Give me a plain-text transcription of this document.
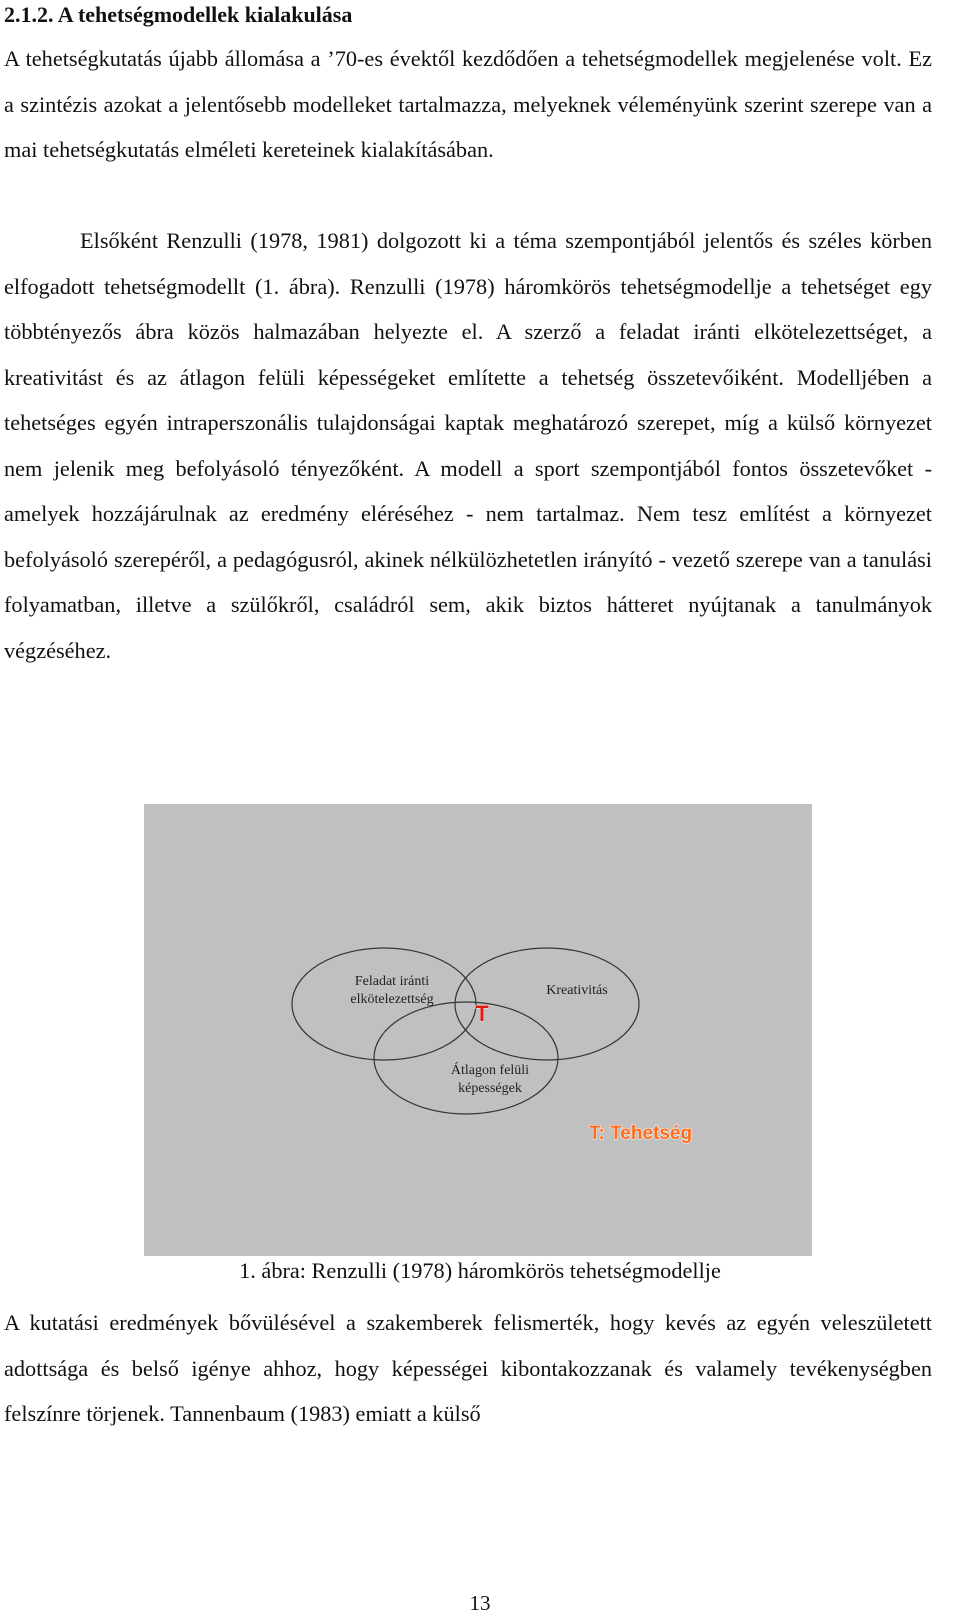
2.1.2. A tehetségmodellek kialakulása

A tehetségkutatás újabb állomása a ’70-es évektől kezdődően a tehetségmodellek megjelenése volt. Ez a szintézis azokat a jelentősebb modelleket tartalmazza, melyeknek véleményünk szerint szerepe van a mai tehetségkutatás elméleti kereteinek kialakításában.

Elsőként Renzulli (1978, 1981) dolgozott ki a téma szempontjából jelentős és széles körben elfogadott tehetségmodellt (1. ábra). Renzulli (1978) háromkörös tehetségmodellje a tehetséget egy többtényezős ábra közös halmazában helyezte el. A szerző a feladat iránti elkötelezettséget, a kreativitást és az átlagon felüli képességeket említette a tehetség összetevőiként. Modelljében a tehetséges egyén intraperszonális tulajdonságai kaptak meghatározó szerepet, míg a külső környezet nem jelenik meg befolyásoló tényezőként. A modell a sport szempontjából fontos összetevőket - amelyek hozzájárulnak az eredmény eléréséhez - nem tartalmaz. Nem tesz említést a környezet befolyásoló szerepéről, a pedagógusról, akinek nélkülözhetetlen irányító - vezető szerepe van a tanulási folyamatban, illetve a szülőkről, családról sem, akik biztos hátteret nyújtanak a tanulmányok végzéséhez.

Feladat iránti
elkötelezettség
Kreativitás
Átlagon felüli
képességek
T
T: Tehetség

1. ábra: Renzulli (1978) háromkörös tehetségmodellje

A kutatási eredmények bővülésével a szakemberek felismerték, hogy kevés az egyén veleszületett adottsága és belső igénye ahhoz, hogy képességei kibontakozzanak és valamely tevékenységben felszínre törjenek. Tannenbaum (1983) emiatt a külső

13
